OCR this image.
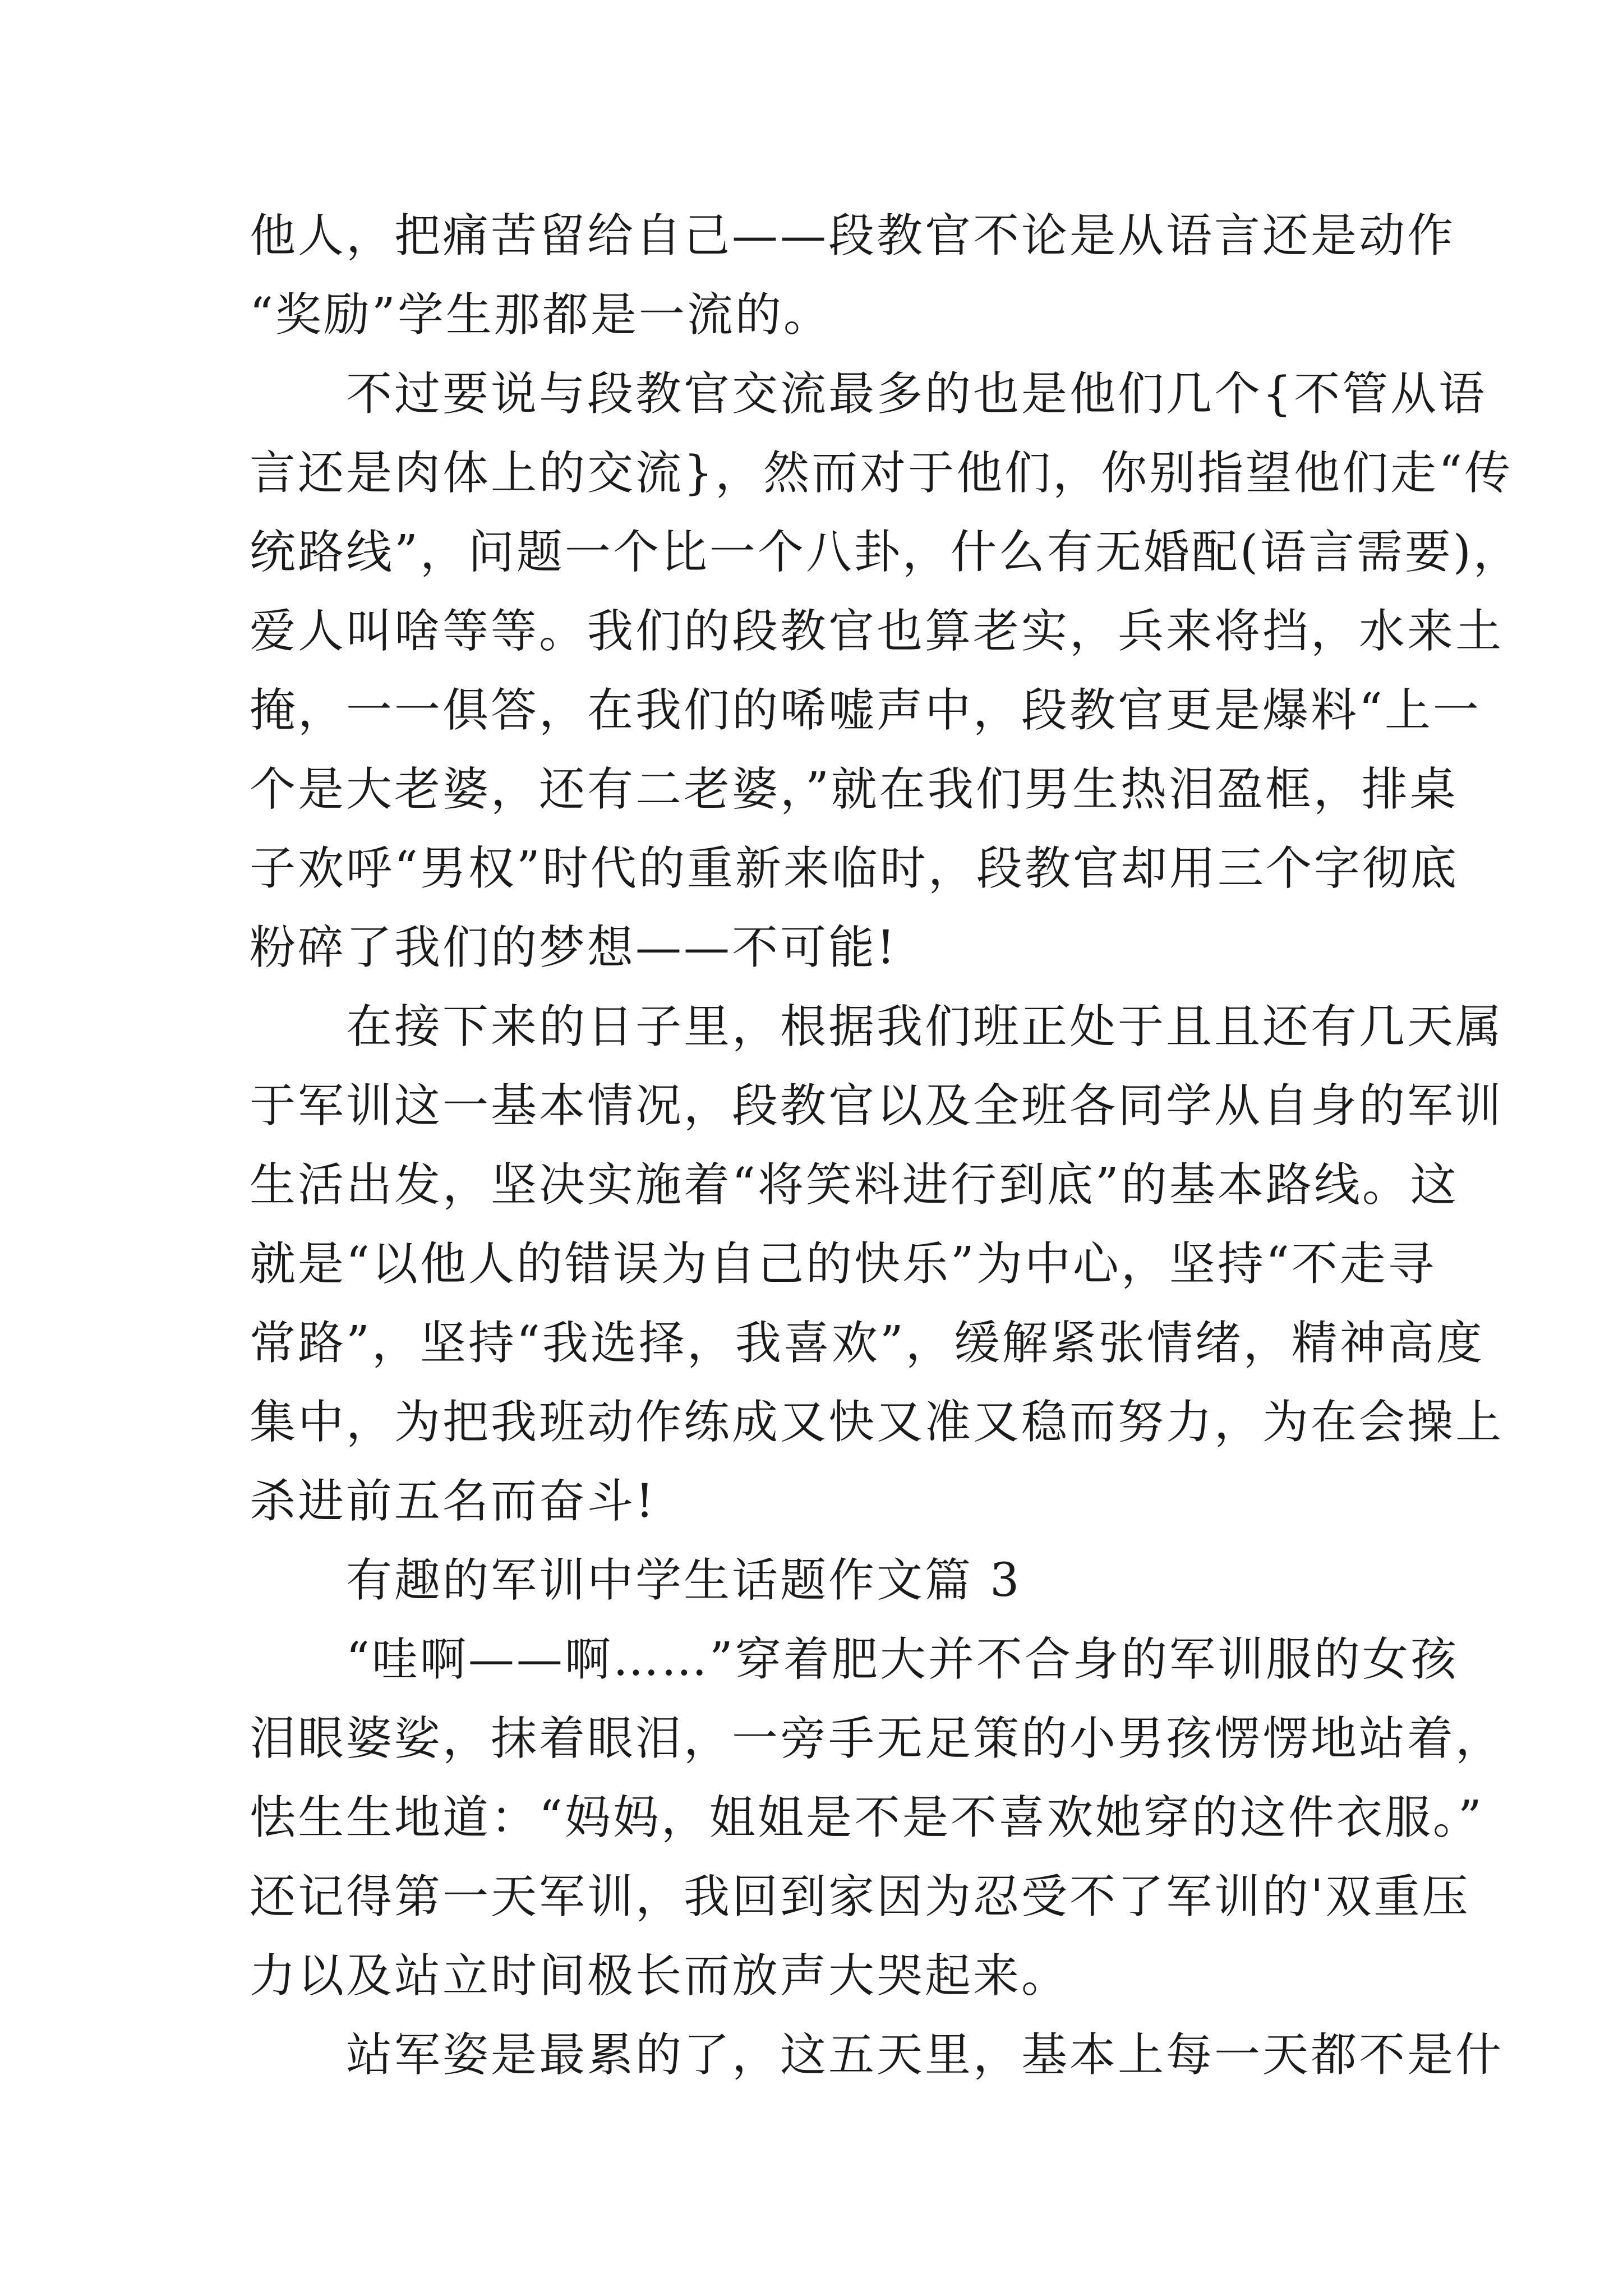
他人，把痛苦留给自己——段教官不论是从语言还是动作
“奖励”学生那都是一流的。
　　不过要说与段教官交流最多的也是他们几个{不管从语
言还是肉体上的交流}，然而对于他们，你别指望他们走“传
统路线”，问题一个比一个八卦，什么有无婚配(语言需要)，
爱人叫啥等等。我们的段教官也算老实，兵来将挡，水来土
掩，一一俱答，在我们的唏嘘声中，段教官更是爆料“上一
个是大老婆，还有二老婆，”就在我们男生热泪盈框，排桌
子欢呼“男权”时代的重新来临时，段教官却用三个字彻底
粉碎了我们的梦想——不可能!
　　在接下来的日子里，根据我们班正处于且且还有几天属
于军训这一基本情况，段教官以及全班各同学从自身的军训
生活出发，坚决实施着“将笑料进行到底”的基本路线。这
就是“以他人的错误为自己的快乐”为中心，坚持“不走寻
常路”，坚持“我选择，我喜欢”，缓解紧张情绪，精神高度
集中，为把我班动作练成又快又准又稳而努力，为在会操上
杀进前五名而奋斗!
　　有趣的军训中学生话题作文篇 3
　　“哇啊——啊……”穿着肥大并不合身的军训服的女孩
泪眼婆娑，抹着眼泪，一旁手无足策的小男孩愣愣地站着，
怯生生地道：“妈妈，姐姐是不是不喜欢她穿的这件衣服。”
还记得第一天军训，我回到家因为忍受不了军训的'双重压
力以及站立时间极长而放声大哭起来。
　　站军姿是最累的了，这五天里，基本上每一天都不是什
